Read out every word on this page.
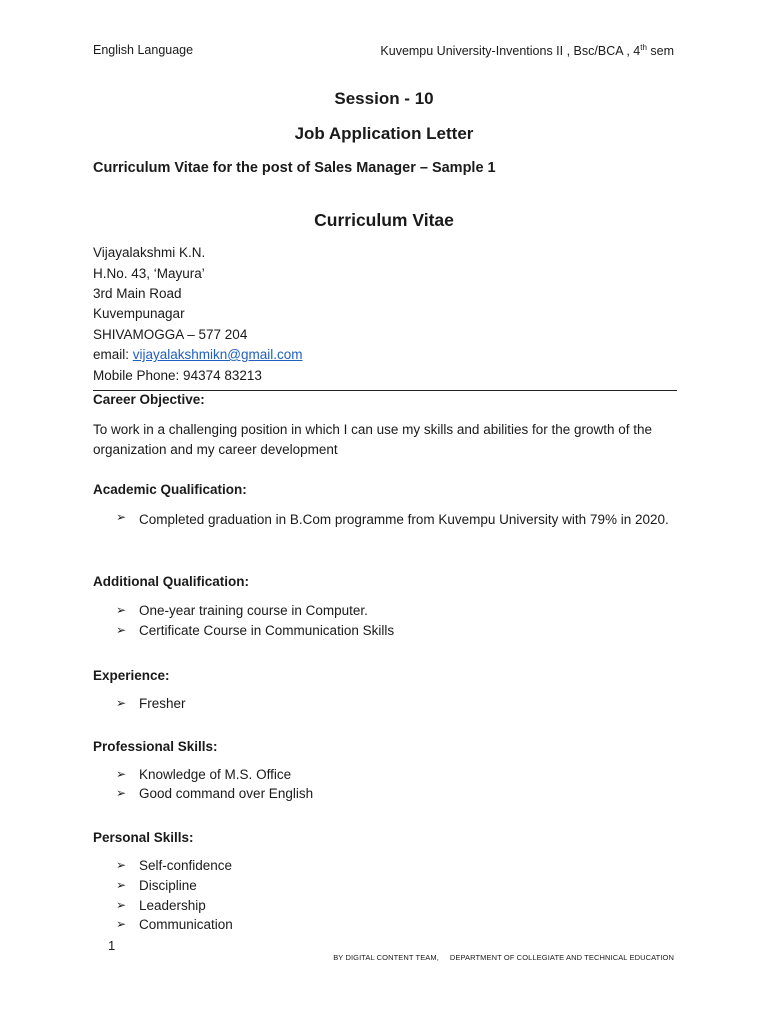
English Language	Kuvempu University-Inventions II , Bsc/BCA , 4th sem

Session - 10

Job Application Letter

Curriculum Vitae for the post of Sales Manager – Sample 1

Curriculum Vitae

Vijayalakshmi K.N.

H.No. 43, ‘Mayura’

3rd Main Road

Kuvempunagar

SHIVAMOGGA – 577 204

email: vijayalakshmikn@gmail.com

Mobile Phone: 94374 83213

Career Objective:

To work in a challenging position in which I can use my skills and abilities for the growth of the organization and my career development

Academic Qualification:

➢ Completed graduation in B.Com programme from Kuvempu University with 79% in 2020.

Additional Qualification:

➢ One-year training course in Computer.
➢ Certificate Course in Communication Skills

Experience:

➢ Fresher

Professional Skills:

➢ Knowledge of M.S. Office
➢ Good command over English

Personal Skills:

➢ Self-confidence
➢ Discipline
➢ Leadership
➢ Communication

1

BY DIGITAL CONTENT TEAM,     DEPARTMENT OF COLLEGIATE AND TECHNICAL EDUCATION
